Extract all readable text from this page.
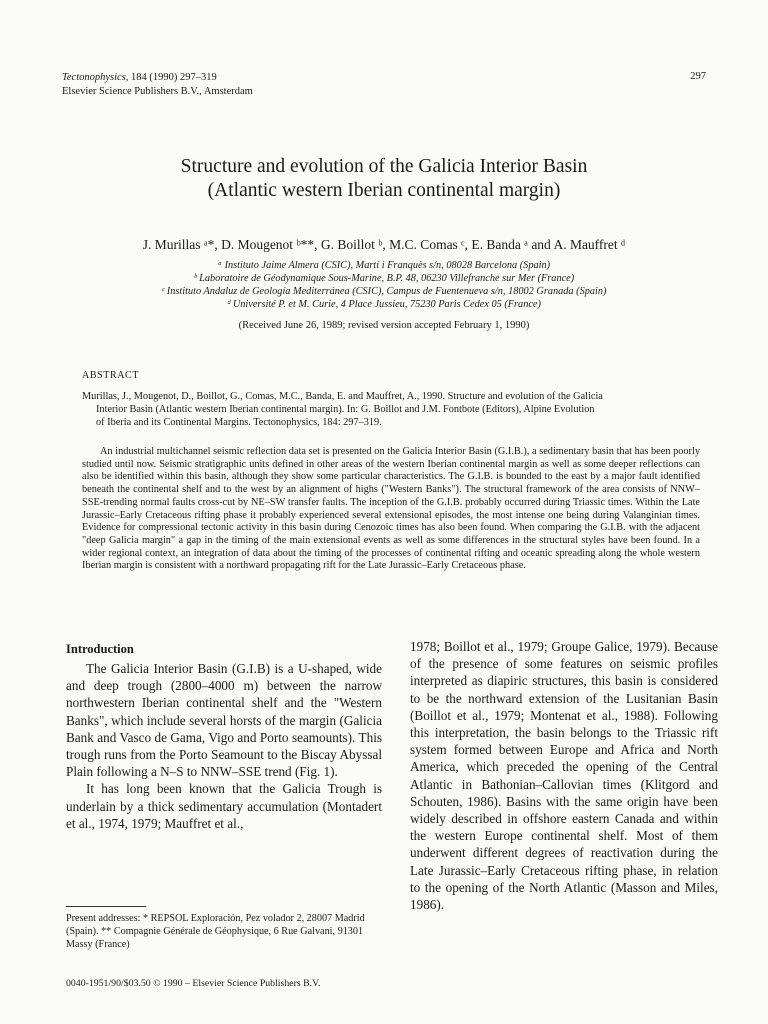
Tectonophysics, 184 (1990) 297–319
Elsevier Science Publishers B.V., Amsterdam
297
Structure and evolution of the Galicia Interior Basin
(Atlantic western Iberian continental margin)
J. Murillas ᵃ*, D. Mougenot ᵇ**, G. Boillot ᵇ, M.C. Comas ᶜ, E. Banda ᵃ and A. Mauffret ᵈ
ᵃ Instituto Jaime Almera (CSIC), Martí i Franquès s/n, 08028 Barcelona (Spain)
ᵇ Laboratoire de Géodynamique Sous-Marine, B.P. 48, 06230 Villefranche sur Mer (France)
ᶜ Instituto Andaluz de Geología Mediterránea (CSIC), Campus de Fuentenueva s/n, 18002 Granada (Spain)
ᵈ Université P. et M. Curie, 4 Place Jussieu, 75230 Paris Cedex 05 (France)
(Received June 26, 1989; revised version accepted February 1, 1990)
ABSTRACT
Murillas, J., Mougenot, D., Boillot, G., Comas, M.C., Banda, E. and Mauffret, A., 1990. Structure and evolution of the Galicia
Interior Basin (Atlantic western Iberian continental margin). In: G. Boillot and J.M. Fontbote (Editors), Alpine Evolution
of Iberia and its Continental Margins. Tectonophysics, 184: 297–319.

An industrial multichannel seismic reflection data set is presented on the Galicia Interior Basin (G.I.B.), a sedimentary basin that has been poorly studied until now. Seismic stratigraphic units defined in other areas of the western Iberian continental margin as well as some deeper reflections can also be identified within this basin, although they show some particular characteristics. The G.I.B. is bounded to the east by a major fault identified beneath the continental shelf and to the west by an alignment of highs ("Western Banks"). The structural framework of the area consists of NNW–SSE-trending normal faults cross-cut by NE–SW transfer faults. The inception of the G.I.B. probably occurred during Triassic times. Within the Late Jurassic–Early Cretaceous rifting phase it probably experienced several extensional episodes, the most intense one being during Valanginian times. Evidence for compressional tectonic activity in this basin during Cenozoic times has also been found. When comparing the G.I.B. with the adjacent "deep Galicia margin" a gap in the timing of the main extensional events as well as some differences in the structural styles have been found. In a wider regional context, an integration of data about the timing of the processes of continental rifting and oceanic spreading along the whole western Iberian margin is consistent with a northward propagating rift for the Late Jurassic–Early Cretaceous phase.

Introduction

The Galicia Interior Basin (G.I.B) is a U-shaped, wide and deep trough (2800–4000 m) between the narrow northwestern Iberian continental shelf and the "Western Banks", which include several horsts of the margin (Galicia Bank and Vasco de Gama, Vigo and Porto seamounts). This trough runs from the Porto Seamount to the Biscay Abyssal Plain following a N–S to NNW–SSE trend (Fig. 1).

It has long been known that the Galicia Trough is underlain by a thick sedimentary accumulation (Montadert et al., 1974, 1979; Mauffret et al.,

1978; Boillot et al., 1979; Groupe Galice, 1979). Because of the presence of some features on seismic profiles interpreted as diapiric structures, this basin is considered to be the northward extension of the Lusitanian Basin (Boillot et al., 1979; Montenat et al., 1988). Following this interpretation, the basin belongs to the Triassic rift system formed between Europe and Africa and North America, which preceded the opening of the Central Atlantic in Bathonian–Callovian times (Klitgord and Schouten, 1986). Basins with the same origin have been widely described in offshore eastern Canada and within the western Europe continental shelf. Most of them underwent different degrees of reactivation during the Late Jurassic–Early Cretaceous rifting phase, in relation to the opening of the North Atlantic (Masson and Miles, 1986).

Present addresses: * REPSOL Exploración, Pez volador 2, 28007 Madrid (Spain). ** Compagnie Générale de Géophysique, 6 Rue Galvani, 91301 Massy (France)
0040-1951/90/$03.50 © 1990 – Elsevier Science Publishers B.V.
